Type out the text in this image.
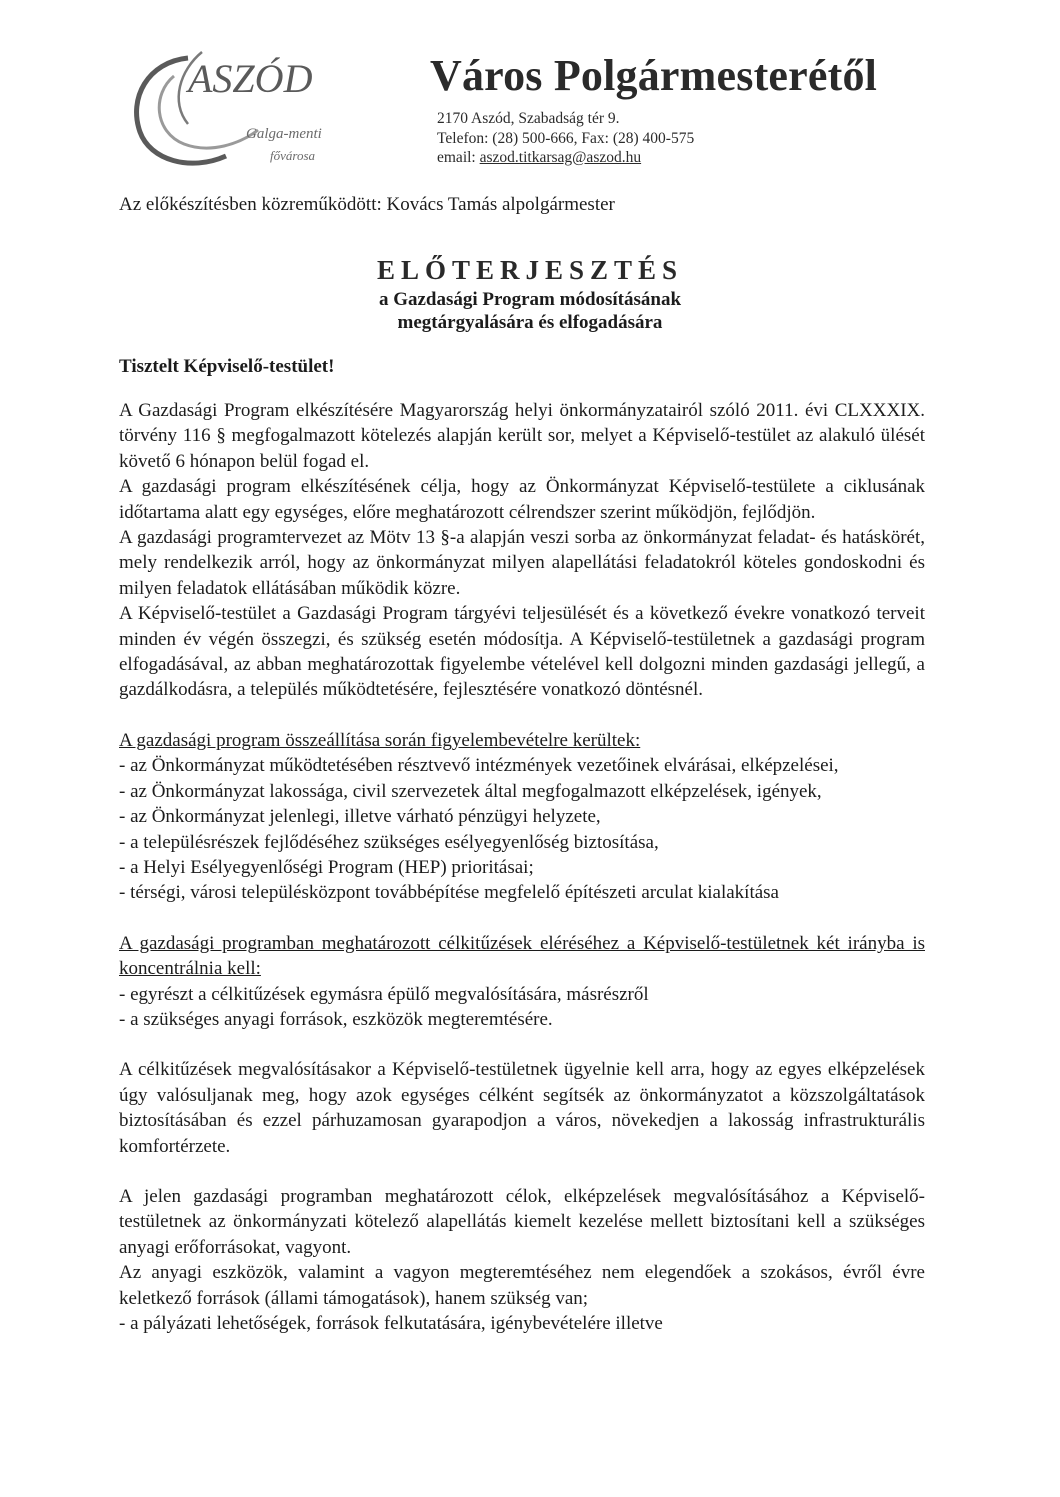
ASZÓD
Galga-menti
fővárosa
Város Polgármesterétől
2170 Aszód, Szabadság tér 9.
Telefon: (28) 500-666, Fax: (28) 400-575
email: aszod.titkarsag@aszod.hu
Az előkészítésben közreműködött: Kovács Tamás alpolgármester
ELŐTERJESZTÉS
a Gazdasági Program módosításának
megtárgyalására és elfogadására
Tisztelt Képviselő-testület!

A Gazdasági Program elkészítésére Magyarország helyi önkormányzatairól szóló 2011. évi CLXXXIX. törvény 116 § megfogalmazott kötelezés alapján került sor, melyet a Képviselő-testület az alakuló ülését követő 6 hónapon belül fogad el.

A gazdasági program elkészítésének célja, hogy az Önkormányzat Képviselő-testülete a ciklusának időtartama alatt egy egységes, előre meghatározott célrendszer szerint működjön, fejlődjön.

A gazdasági programtervezet az Mötv 13 §-a alapján veszi sorba az önkormányzat feladat- és hatáskörét, mely rendelkezik arról, hogy az önkormányzat milyen alapellátási feladatokról köteles gondoskodni és milyen feladatok ellátásában működik közre.

A Képviselő-testület a Gazdasági Program tárgyévi teljesülését és a következő évekre vonatkozó terveit minden év végén összegzi, és szükség esetén módosítja. A Képviselő-testületnek a gazdasági program elfogadásával, az abban meghatározottak figyelembe vételével kell dolgozni minden gazdasági jellegű, a gazdálkodásra, a település működtetésére, fejlesztésére vonatkozó döntésnél.

A gazdasági program összeállítása során figyelembevételre kerültek:

- az Önkormányzat működtetésében résztvevő intézmények vezetőinek elvárásai, elképzelései,

- az Önkormányzat lakossága, civil szervezetek által megfogalmazott elképzelések, igények,

- az Önkormányzat jelenlegi, illetve várható pénzügyi helyzete,

- a településrészek fejlődéséhez szükséges esélyegyenlőség biztosítása,

- a Helyi Esélyegyenlőségi Program (HEP) prioritásai;

- térségi, városi településközpont továbbépítése megfelelő építészeti arculat kialakítása

A gazdasági programban meghatározott célkitűzések eléréséhez a Képviselő-testületnek két irányba is koncentrálnia kell:

- egyrészt a célkitűzések egymásra épülő megvalósítására, másrészről

- a szükséges anyagi források, eszközök megteremtésére.

A célkitűzések megvalósításakor a Képviselő-testületnek ügyelnie kell arra, hogy az egyes elképzelések úgy valósuljanak meg, hogy azok egységes célként segítsék az önkormányzatot a közszolgáltatások biztosításában és ezzel párhuzamosan gyarapodjon a város, növekedjen a lakosság infrastrukturális komfortérzete.

A jelen gazdasági programban meghatározott célok, elképzelések megvalósításához a Képviselő-testületnek az önkormányzati kötelező alapellátás kiemelt kezelése mellett biztosítani kell a szükséges anyagi erőforrásokat, vagyont.

Az anyagi eszközök, valamint a vagyon megteremtéséhez nem elegendőek a szokásos, évről évre keletkező források (állami támogatások), hanem szükség van;

- a pályázati lehetőségek, források felkutatására, igénybevételére illetve
